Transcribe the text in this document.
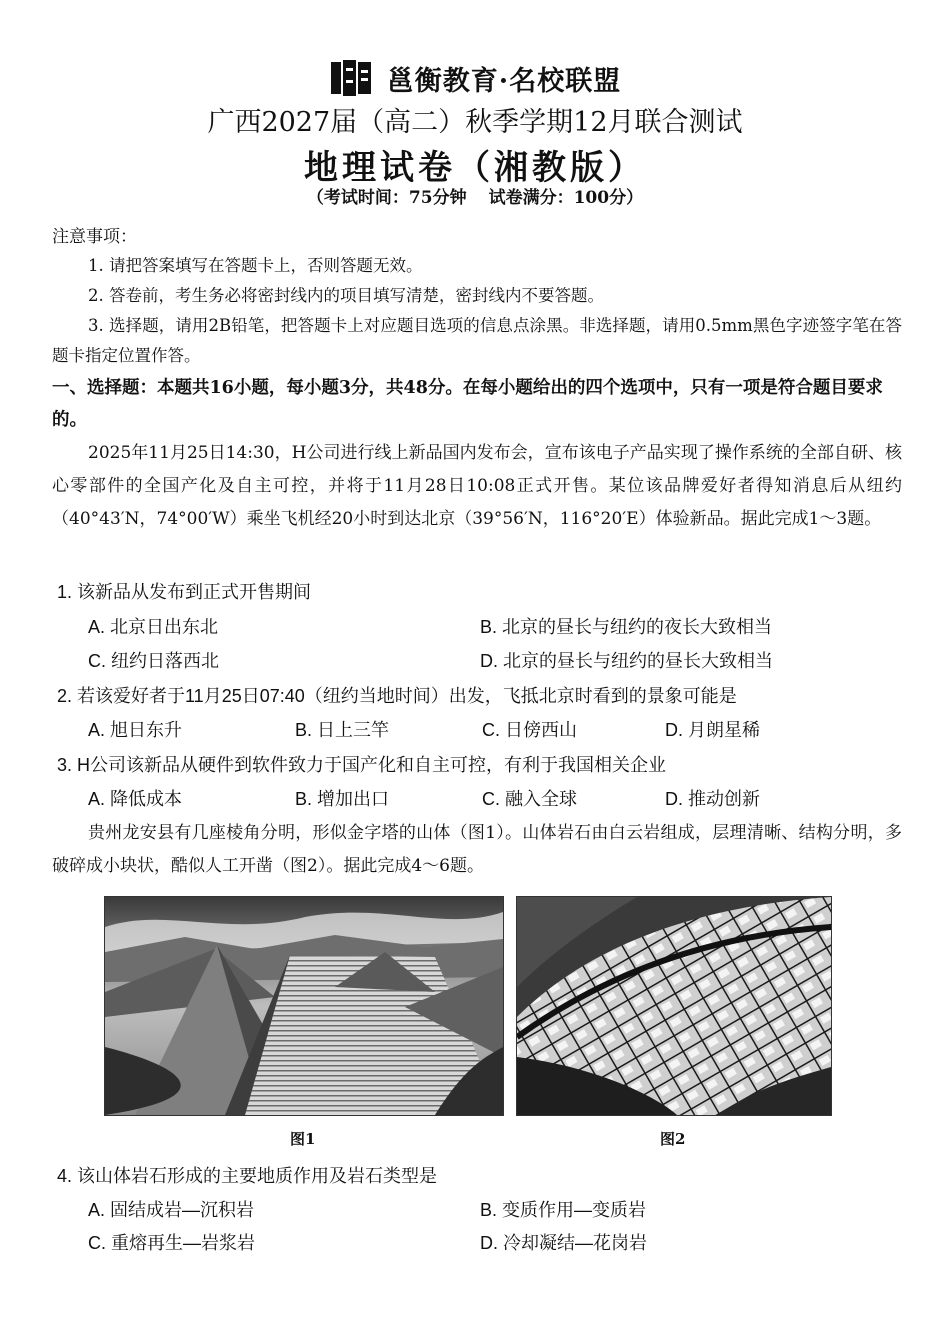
邕衡教育·名校联盟
广西2027届（高二）秋季学期12月联合测试
地理试卷（湘教版）
（考试时间：75分钟 试卷满分：100分）
注意事项：
1. 请把答案填写在答题卡上，否则答题无效。
2. 答卷前，考生务必将密封线内的项目填写清楚，密封线内不要答题。
3. 选择题，请用2B铅笔，把答题卡上对应题目选项的信息点涂黑。非选择题，请用0.5mm黑色字迹签字笔在答题卡指定位置作答。
一、选择题：本题共16小题，每小题3分，共48分。在每小题给出的四个选项中，只有一项是符合题目要求的。
2025年11月25日14:30，H公司进行线上新品国内发布会，宣布该电子产品实现了操作系统的全部自研、核心零部件的全国产化及自主可控，并将于11月28日10:08正式开售。某位该品牌爱好者得知消息后从纽约（40°43′N，74°00′W）乘坐飞机经20小时到达北京（39°56′N，116°20′E）体验新品。据此完成1～3题。
1. 该新品从发布到正式开售期间
A. 北京日出东北	B. 北京的昼长与纽约的夜长大致相当
C. 纽约日落西北	D. 北京的昼长与纽约的昼长大致相当
2. 若该爱好者于11月25日07:40（纽约当地时间）出发，飞抵北京时看到的景象可能是
A. 旭日东升	B. 日上三竿	C. 日傍西山	D. 月朗星稀
3. H公司该新品从硬件到软件致力于国产化和自主可控，有利于我国相关企业
A. 降低成本	B. 增加出口	C. 融入全球	D. 推动创新
贵州龙安县有几座棱角分明，形似金字塔的山体（图1）。山体岩石由白云岩组成，层理清晰、结构分明，多破碎成小块状，酷似人工开凿（图2）。据此完成4～6题。
图1	图2
4. 该山体岩石形成的主要地质作用及岩石类型是
A. 固结成岩—沉积岩	B. 变质作用—变质岩
C. 重熔再生—岩浆岩	D. 冷却凝结—花岗岩
